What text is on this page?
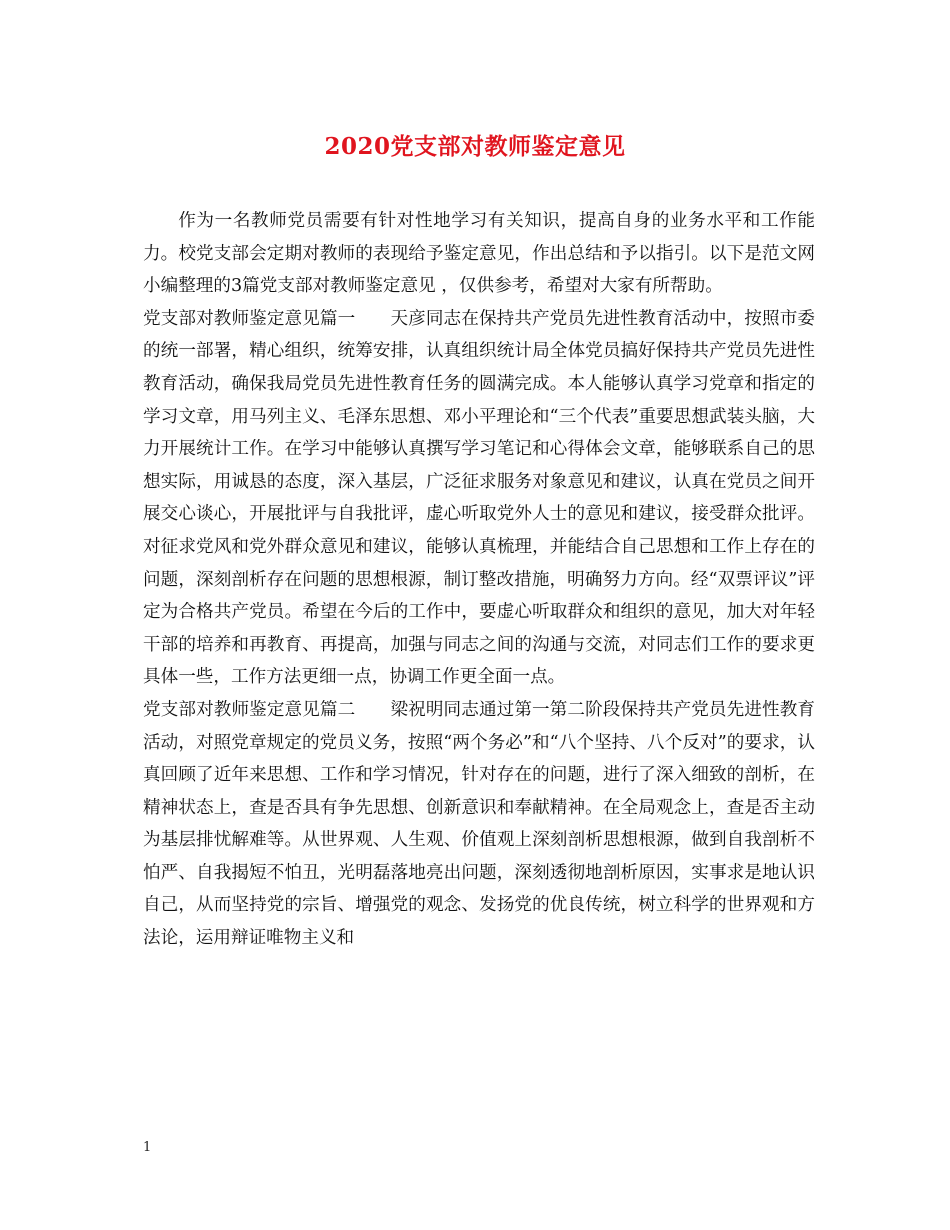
2020党支部对教师鉴定意见

作为一名教师党员需要有针对性地学习有关知识，提高自身的业务水平和工作能力。校党支部会定期对教师的表现给予鉴定意见，作出总结和予以指引。以下是范文网小编整理的3篇党支部对教师鉴定意见 ，仅供参考，希望对大家有所帮助。

党支部对教师鉴定意见篇一 天彦同志在保持共产党员先进性教育活动中，按照市委的统一部署，精心组织，统筹安排，认真组织统计局全体党员搞好保持共产党员先进性教育活动，确保我局党员先进性教育任务的圆满完成。本人能够认真学习党章和指定的学习文章，用马列主义、毛泽东思想、邓小平理论和“三个代表”重要思想武装头脑，大力开展统计工作。在学习中能够认真撰写学习笔记和心得体会文章，能够联系自己的思想实际，用诚恳的态度，深入基层，广泛征求服务对象意见和建议，认真在党员之间开展交心谈心，开展批评与自我批评，虚心听取党外人士的意见和建议，接受群众批评。对征求党风和党外群众意见和建议，能够认真梳理，并能结合自己思想和工作上存在的问题，深刻剖析存在问题的思想根源，制订整改措施，明确努力方向。经“双票评议”评定为合格共产党员。希望在今后的工作中，要虚心听取群众和组织的意见，加大对年轻干部的培养和再教育、再提高，加强与同志之间的沟通与交流，对同志们工作的要求更具体一些，工作方法更细一点，协调工作更全面一点。

党支部对教师鉴定意见篇二 梁祝明同志通过第一第二阶段保持共产党员先进性教育活动，对照党章规定的党员义务，按照“两个务必”和“八个坚持、八个反对”的要求，认真回顾了近年来思想、工作和学习情况，针对存在的问题，进行了深入细致的剖析，在精神状态上，查是否具有争先思想、创新意识和奉献精神。在全局观念上，查是否主动为基层排忧解难等。从世界观、人生观、价值观上深刻剖析思想根源，做到自我剖析不怕严、自我揭短不怕丑，光明磊落地亮出问题，深刻透彻地剖析原因，实事求是地认识自己，从而坚持党的宗旨、增强党的观念、发扬党的优良传统，树立科学的世界观和方法论，运用辩证唯物主义和

1
